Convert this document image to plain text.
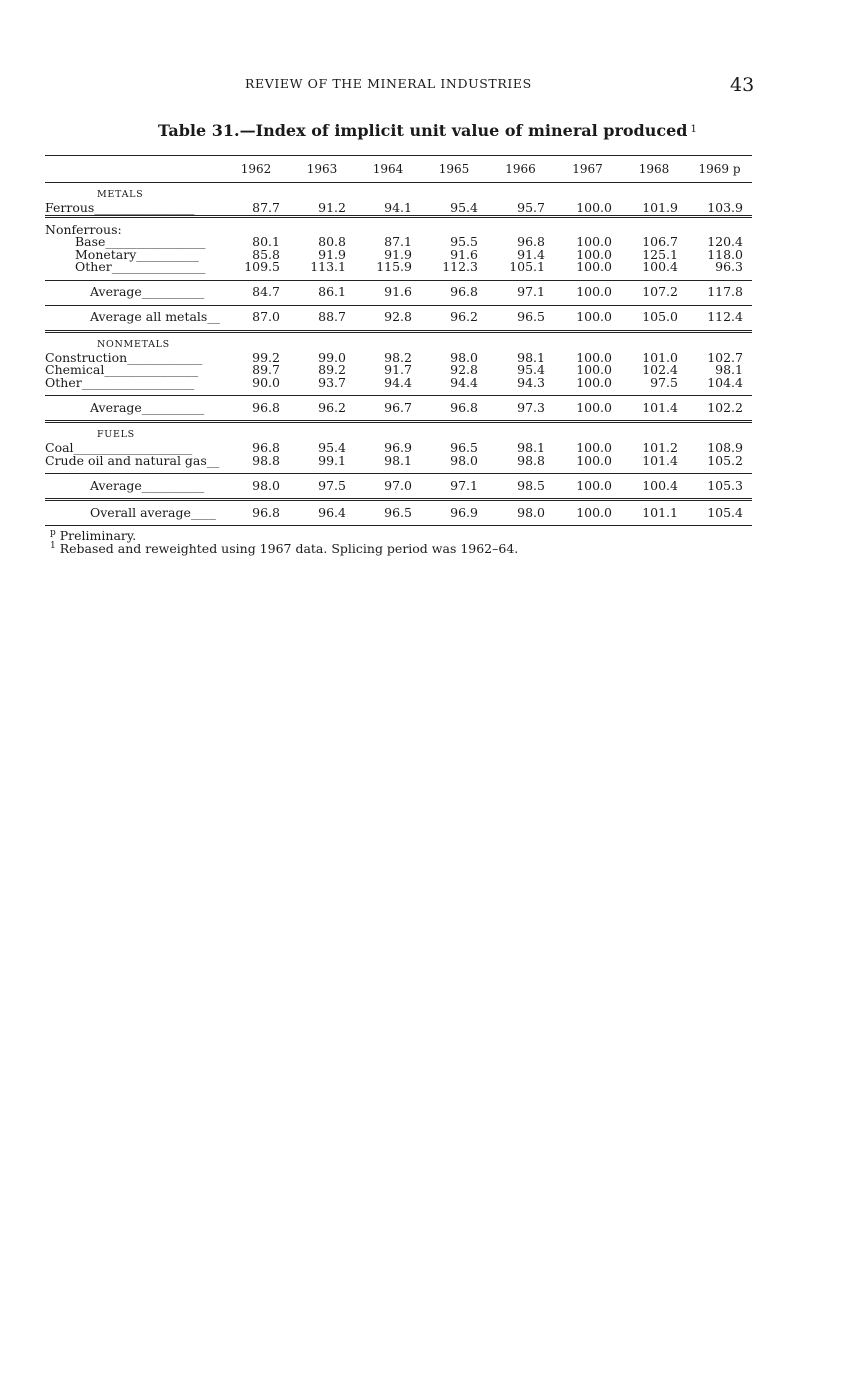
REVIEW OF THE MINERAL INDUSTRIES	43
Table 31.—Index of implicit unit value of mineral produced $^1$
	1962	1963	1964	1965	1966	1967	1968	1969 p
METALS								
Ferrous________________	87.7	91.2	94.1	95.4	95.7	100.0	101.9	103.9

Nonferrous:								
Base________________	80.1	80.8	87.1	95.5	96.8	100.0	106.7	120.4
Monetary__________	85.8	91.9	91.9	91.6	91.4	100.0	125.1	118.0
Other_______________	109.5	113.1	115.9	112.3	105.1	100.0	100.4	96.3

Average__________	84.7	86.1	91.6	96.8	97.1	100.0	107.2	117.8
Average all metals__	87.0	88.7	92.8	96.2	96.5	100.0	105.0	112.4
NONMETALS								
Construction____________	99.2	99.0	98.2	98.0	98.1	100.0	101.0	102.7
Chemical_______________	89.7	89.2	91.7	92.8	95.4	100.0	102.4	98.1
Other__________________	90.0	93.7	94.4	94.4	94.3	100.0	97.5	104.4

Average__________	96.8	96.2	96.7	96.8	97.3	100.0	101.4	102.2
FUELS								
Coal___________________	96.8	95.4	96.9	96.5	98.1	100.0	101.2	108.9
Crude oil and natural gas__	98.8	99.1	98.1	98.0	98.8	100.0	101.4	105.2

Average__________	98.0	97.5	97.0	97.1	98.5	100.0	100.4	105.3
Overall average____	96.8	96.4	96.5	96.9	98.0	100.0	101.1	105.4
$^p$ Preliminary.
$^1$ Rebased and reweighted using 1967 data. Splicing period was 1962–64.
